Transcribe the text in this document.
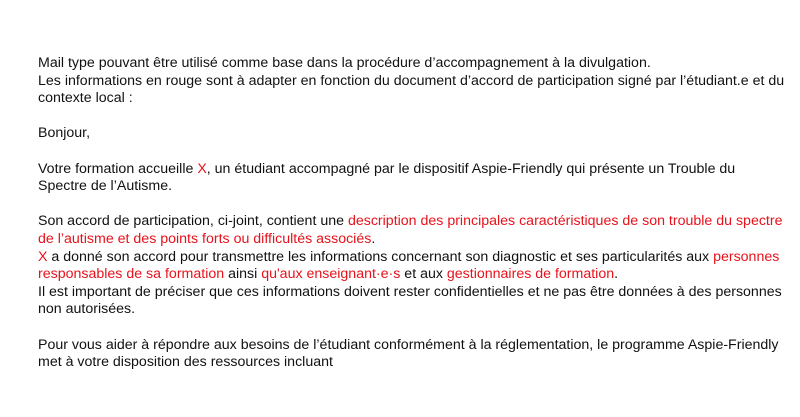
Mail type pouvant être utilisé comme base dans la procédure d’accompagnement à la divulgation.

Les informations en rouge sont à adapter en fonction du document d’accord de participation signé par l’étudiant.e et du contexte local :

Bonjour,

Votre formation accueille X, un étudiant accompagné par le dispositif Aspie-Friendly qui présente un Trouble du Spectre de l’Autisme.

Son accord de participation, ci-joint, contient une description des principales caractéristiques de son trouble du spectre de l’autisme et des points forts ou difficultés associés.

X a donné son accord pour transmettre les informations concernant son diagnostic et ses particularités aux personnes responsables de sa formation ainsi qu'aux enseignant·e·s et aux gestionnaires de formation.

Il est important de préciser que ces informations doivent rester confidentielles et ne pas être données à des personnes non autorisées.

Pour vous aider à répondre aux besoins de l’étudiant conformément à la réglementation, le programme Aspie-Friendly met à votre disposition des ressources incluant
